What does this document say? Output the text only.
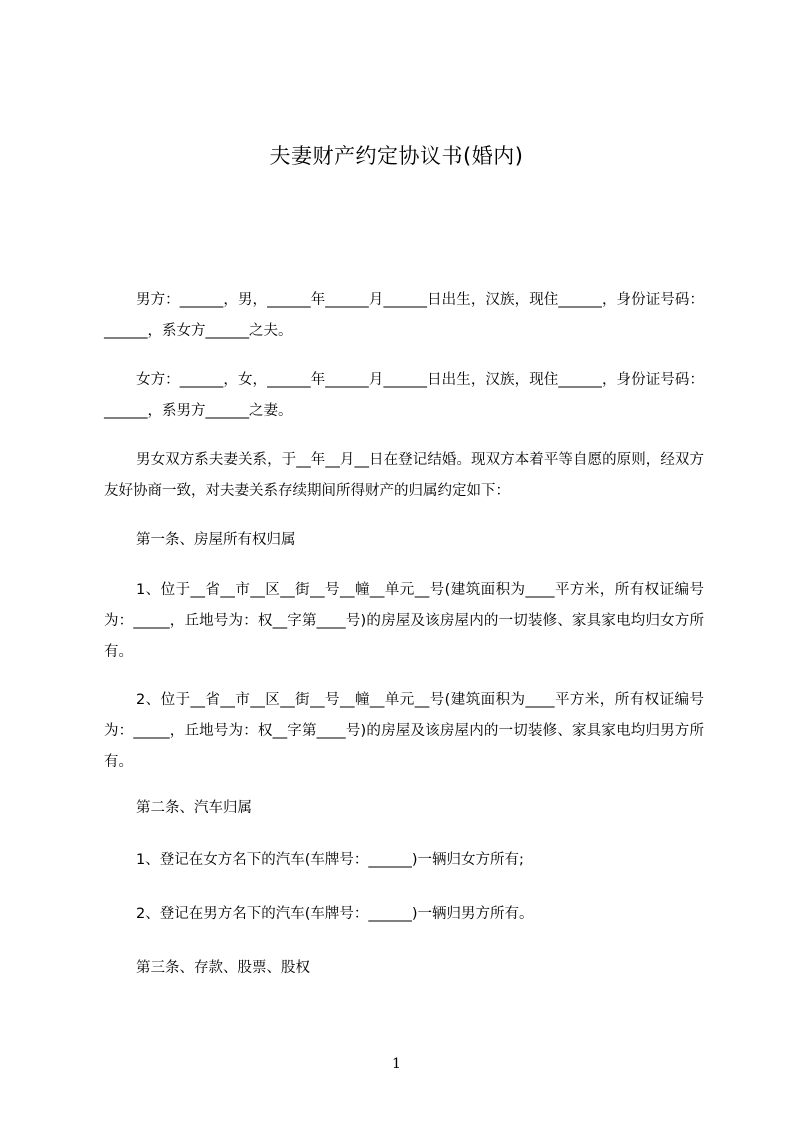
夫妻财产约定协议书(婚内)

男方：______，男，______年______月______日出生，汉族，现住______，身份证号码：______，系女方______之夫。

女方：______，女，______年______月______日出生，汉族，现住______，身份证号码：______，系男方______之妻。

男女双方系夫妻关系，于__年__月__日在登记结婚。现双方本着平等自愿的原则，经双方友好协商一致，对夫妻关系存续期间所得财产的归属约定如下：

第一条、房屋所有权归属

1、位于__省__市__区__街__号__幢__单元__号(建筑面积为____平方米，所有权证编号为：_____，丘地号为：权__字第____号)的房屋及该房屋内的一切装修、家具家电均归女方所有。

2、位于__省__市__区__街__号__幢__单元__号(建筑面积为____平方米，所有权证编号为：_____，丘地号为：权__字第____号)的房屋及该房屋内的一切装修、家具家电均归男方所有。

第二条、汽车归属

1、登记在女方名下的汽车(车牌号：______)一辆归女方所有;

2、登记在男方名下的汽车(车牌号：______)一辆归男方所有。

第三条、存款、股票、股权

1
